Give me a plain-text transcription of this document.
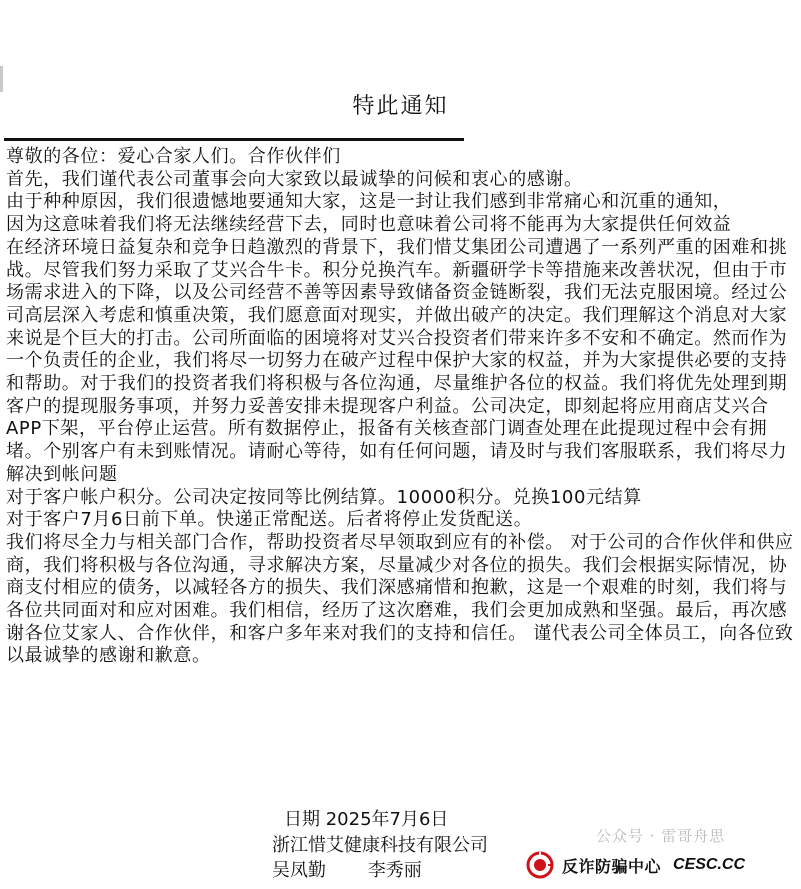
特此通知

尊敬的各位：爱心合家人们。合作伙伴们

首先，我们谨代表公司董事会向大家致以最诚挚的问候和衷心的感谢。

由于种种原因，我们很遗憾地要通知大家，这是一封让我们感到非常痛心和沉重的通知，

因为这意味着我们将无法继续经营下去，同时也意味着公司将不能再为大家提供任何效益

在经济环境日益复杂和竞争日趋激烈的背景下，我们惜艾集团公司遭遇了一系列严重的困难和挑战。尽管我们努力采取了艾兴合牛卡。积分兑换汽车。新疆研学卡等措施来改善状况，但由于市场需求进入的下降，以及公司经营不善等因素导致储备资金链断裂，我们无法克服困境。经过公司高层深入考虑和慎重决策，我们愿意面对现实，并做出破产的决定。我们理解这个消息对大家来说是个巨大的打击。公司所面临的困境将对艾兴合投资者们带来许多不安和不确定。然而作为一个负责任的企业，我们将尽一切努力在破产过程中保护大家的权益，并为大家提供必要的支持和帮助。对于我们的投资者我们将积极与各位沟通，尽量维护各位的权益。我们将优先处理到期客户的提现服务事项，并努力妥善安排未提现客户利益。公司决定，即刻起将应用商店艾兴合APP下架，平台停止运营。所有数据停止，报备有关核查部门调查处理在此提现过程中会有拥堵。个别客户有未到账情况。请耐心等待，如有任何问题，请及时与我们客服联系，我们将尽力解决到帐问题

对于客户帐户积分。公司决定按同等比例结算。10000积分。兑换100元结算

对于客户7月6日前下单。快递正常配送。后者将停止发货配送。

我们将尽全力与相关部门合作，帮助投资者尽早领取到应有的补偿。 对于公司的合作伙伴和供应商，我们将积极与各位沟通，寻求解决方案，尽量减少对各位的损失。我们会根据实际情况，协商支付相应的债务，以减轻各方的损失、我们深感痛惜和抱歉，这是一个艰难的时刻，我们将与各位共同面对和应对困难。我们相信，经历了这次磨难，我们会更加成熟和坚强。最后，再次感谢各位艾家人、合作伙伴，和客户多年来对我们的支持和信任。 谨代表公司全体员工，向各位致以最诚挚的感谢和歉意。

日期 2025年7月6日

浙江惜艾健康科技有限公司

吴凤勤 李秀丽

公众号 · 雷哥舟思
反诈防骗中心 CESC.CC
